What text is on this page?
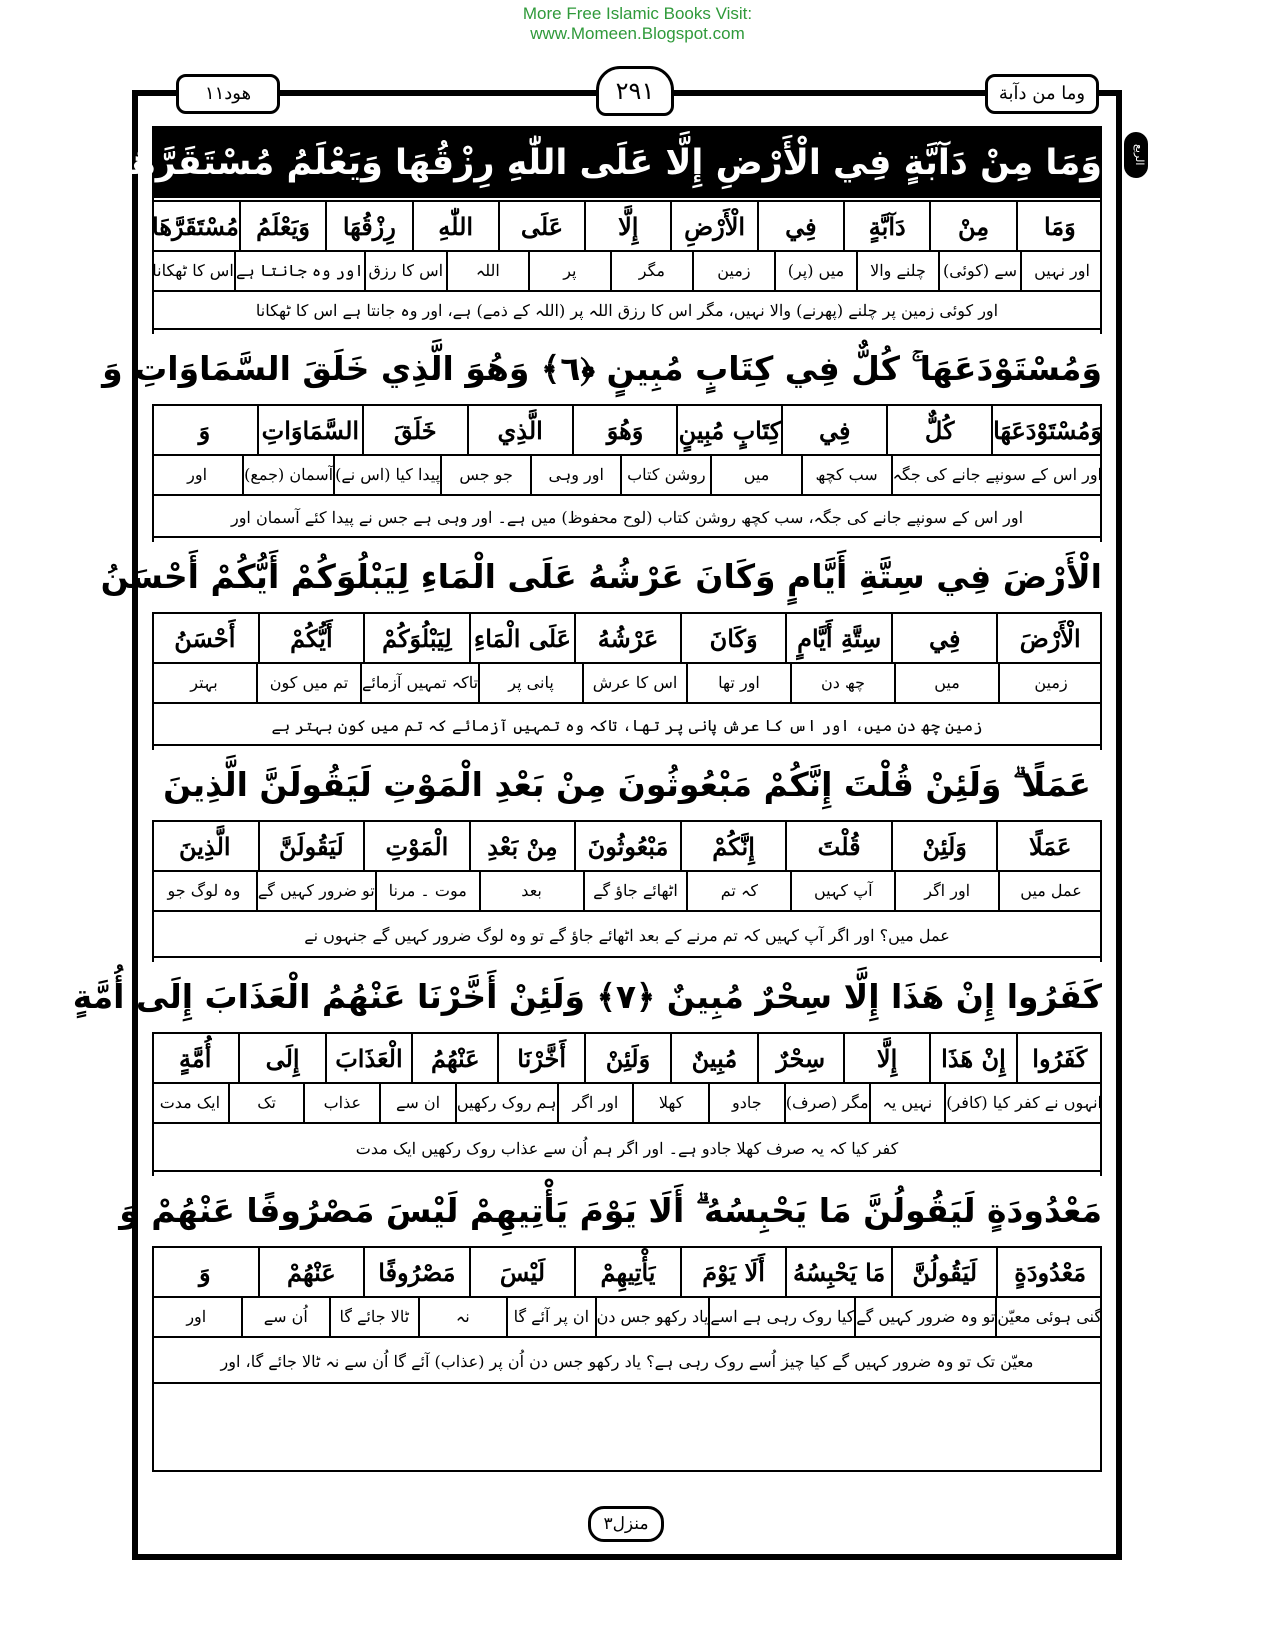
More Free Islamic Books Visit:
www.Momeen.Blogspot.com
هود١١	٢٩١	وما من دآبة
الربع
وَمَا مِنْ دَآبَّةٍ فِي الْأَرْضِ إِلَّا عَلَى اللّٰهِ رِزْقُهَا وَيَعْلَمُ مُسْتَقَرَّهَا
وَمَا
مِنْ
دَآبَّةٍ
فِي
الْأَرْضِ
إِلَّا
عَلَى
اللّٰهِ
رِزْقُهَا
وَيَعْلَمُ
مُسْتَقَرَّهَا
اور نہیں
سے (کوئی)
چلنے والا
میں (پر)
زمین
مگر
پر
اللہ
اس کا رزق
اور وہ جانتا ہے
اس کا ٹھکانا
اور کوئی زمین پر چلنے (پھرنے) والا نہیں، مگر اس کا رزق اللہ پر (اللہ کے ذمے) ہے، اور وہ جانتا ہے اس کا ٹھکانا
وَمُسْتَوْدَعَهَا ۚ كُلٌّ فِي كِتَابٍ مُبِينٍ ﴿٦﴾ وَهُوَ الَّذِي خَلَقَ السَّمَاوَاتِ وَ
وَمُسْتَوْدَعَهَا
كُلٌّ
فِي
كِتَابٍ مُبِينٍ
وَهُوَ
الَّذِي
خَلَقَ
السَّمَاوَاتِ
وَ
اور اس کے سونپے جانے کی جگہ
سب کچھ
میں
روشن کتاب
اور وہی
جو جس
پیدا کیا (اس نے)
آسمان (جمع)
اور
اور اس کے سونپے جانے کی جگہ، سب کچھ روشن کتاب (لوح محفوظ) میں ہے۔ اور وہی ہے جس نے پیدا کئے آسمان اور
الْأَرْضَ فِي سِتَّةِ أَيَّامٍ وَكَانَ عَرْشُهُ عَلَى الْمَاءِ لِيَبْلُوَكُمْ أَيُّكُمْ أَحْسَنُ
الْأَرْضَ
فِي
سِتَّةِ أَيَّامٍ
وَكَانَ
عَرْشُهُ
عَلَى الْمَاءِ
لِيَبْلُوَكُمْ
أَيُّكُمْ
أَحْسَنُ
زمین
میں
چھ دن
اور تھا
اس کا عرش
پانی پر
تاکہ تمہیں آزمائے
تم میں کون
بہتر
زمین چھ دن میں، اور اس کا عرش پانی پر تھا، تاکہ وہ تمہیں آزمائے کہ تم میں کون بہتر ہے
عَمَلًا ۗ وَلَئِنْ قُلْتَ إِنَّكُمْ مَبْعُوثُونَ مِنْ بَعْدِ الْمَوْتِ لَيَقُولَنَّ الَّذِينَ
عَمَلًا
وَلَئِنْ
قُلْتَ
إِنَّكُمْ
مَبْعُوثُونَ
مِنْ بَعْدِ
الْمَوْتِ
لَيَقُولَنَّ
الَّذِينَ
عمل میں
اور اگر
آپ کہیں
کہ تم
اٹھائے جاؤ گے
بعد
موت ۔ مرنا
تو ضرور کہیں گے
وہ لوگ جو
عمل میں؟ اور اگر آپ کہیں کہ تم مرنے کے بعد اٹھائے جاؤ گے تو وہ لوگ ضرور کہیں گے جنہوں نے
كَفَرُوا إِنْ هَذَا إِلَّا سِحْرٌ مُبِينٌ ﴿٧﴾ وَلَئِنْ أَخَّرْنَا عَنْهُمُ الْعَذَابَ إِلَى أُمَّةٍ
كَفَرُوا
إِنْ هَذَا
إِلَّا
سِحْرٌ
مُبِينٌ
وَلَئِنْ
أَخَّرْنَا
عَنْهُمُ
الْعَذَابَ
إِلَى
أُمَّةٍ
انہوں نے کفر کیا (کافر)
نہیں یہ
مگر (صرف)
جادو
کھلا
اور اگر
ہم روک رکھیں
ان سے
عذاب
تک
ایک مدت
کفر کیا کہ یہ صرف کھلا جادو ہے۔ اور اگر ہم اُن سے عذاب روک رکھیں ایک مدت
مَعْدُودَةٍ لَيَقُولُنَّ مَا يَحْبِسُهُ ۗ أَلَا يَوْمَ يَأْتِيهِمْ لَيْسَ مَصْرُوفًا عَنْهُمْ وَ
مَعْدُودَةٍ
لَيَقُولُنَّ
مَا يَحْبِسُهُ
أَلَا يَوْمَ
يَأْتِيهِمْ
لَيْسَ
مَصْرُوفًا
عَنْهُمْ
وَ
گنی ہوئی معیّن
تو وہ ضرور کہیں گے
کیا روک رہی ہے اسے
یاد رکھو جس دن
ان پر آئے گا
نہ
ٹالا جائے گا
اُن سے
اور
معیّن تک تو وہ ضرور کہیں گے کیا چیز اُسے روک رہی ہے؟ یاد رکھو جس دن اُن پر (عذاب) آئے گا اُن سے نہ ٹالا جائے گا، اور
منزل٣
